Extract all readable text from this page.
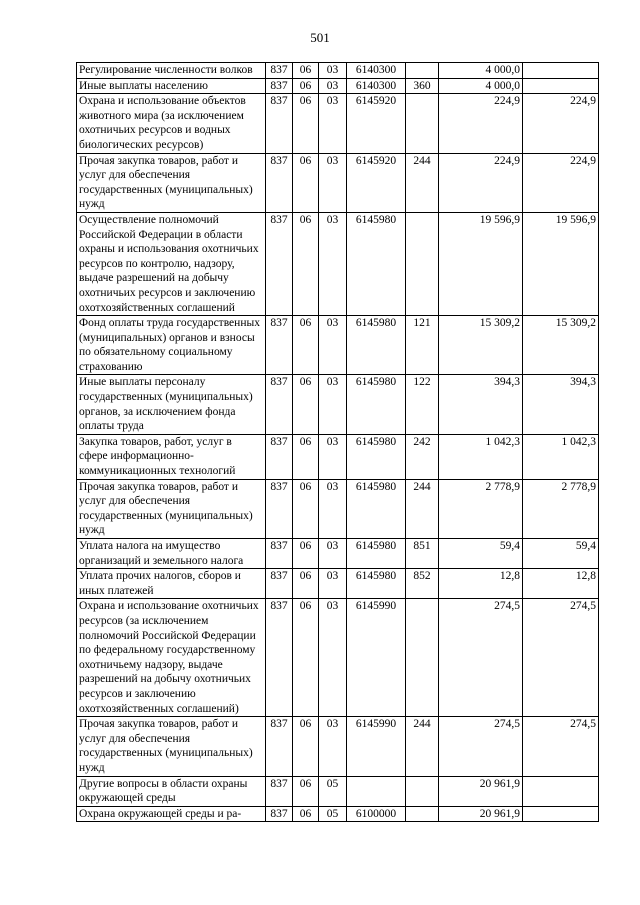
501
Регулирование численности волков	837	06	03	6140300		4 000,0	
Иные выплаты населению	837	06	03	6140300	360	4 000,0	
Охрана и использование объектов животного мира (за исключением охотничьих ресурсов и водных биологических ресурсов)	837	06	03	6145920		224,9	224,9
Прочая закупка товаров, работ и услуг для обеспечения государственных (муниципальных) нужд	837	06	03	6145920	244	224,9	224,9
Осуществление полномочий Российской Федерации в области охраны и использования охотничьих ресурсов по контролю, надзору, выдаче разрешений на добычу охотничьих ресурсов и заключению охотхозяйственных соглашений	837	06	03	6145980		19 596,9	19 596,9
Фонд оплаты труда государственных (муниципальных) органов и взносы по обязательному социальному страхованию	837	06	03	6145980	121	15 309,2	15 309,2
Иные выплаты персоналу государственных (муниципальных) органов, за исключением фонда оплаты труда	837	06	03	6145980	122	394,3	394,3
Закупка товаров, работ, услуг в сфере информационно-коммуникационных технологий	837	06	03	6145980	242	1 042,3	1 042,3
Прочая закупка товаров, работ и услуг для обеспечения государственных (муниципальных) нужд	837	06	03	6145980	244	2 778,9	2 778,9
Уплата налога на имущество организаций и земельного налога	837	06	03	6145980	851	59,4	59,4
Уплата прочих налогов, сборов и иных платежей	837	06	03	6145980	852	12,8	12,8
Охрана и использование охотничьих ресурсов (за исключением полномочий Российской Федерации по федеральному государственному охотничьему надзору, выдаче разрешений на добычу охотничьих ресурсов и заключению охотхозяйственных соглашений)	837	06	03	6145990		274,5	274,5
Прочая закупка товаров, работ и услуг для обеспечения государственных (муниципальных) нужд	837	06	03	6145990	244	274,5	274,5
Другие вопросы в области охраны окружающей среды	837	06	05			20 961,9	
Охрана окружающей среды и ра-	837	06	05	6100000		20 961,9	
